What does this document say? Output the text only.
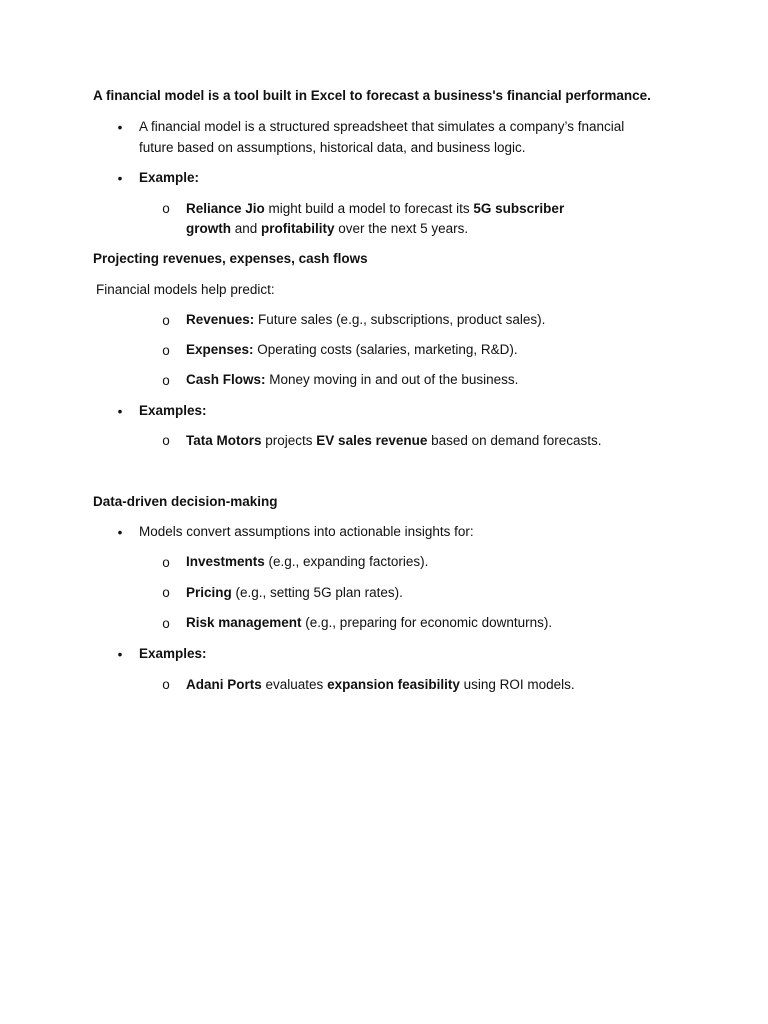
A financial model is a tool built in Excel to forecast a business's financial performance.
• A financial model is a structured spreadsheet that simulates a company’s fnancial
future based on assumptions, historical data, and business logic.
• Example:
o Reliance Jio might build a model to forecast its 5G subscriber
growth and profitability over the next 5 years.
Projecting revenues, expenses, cash flows
Financial models help predict:
o Revenues: Future sales (e.g., subscriptions, product sales).
o Expenses: Operating costs (salaries, marketing, R&D).
o Cash Flows: Money moving in and out of the business.
• Examples:
o Tata Motors projects EV sales revenue based on demand forecasts.
Data-driven decision-making
• Models convert assumptions into actionable insights for:
o Investments (e.g., expanding factories).
o Pricing (e.g., setting 5G plan rates).
o Risk management (e.g., preparing for economic downturns).
• Examples:
o Adani Ports evaluates expansion feasibility using ROI models.
